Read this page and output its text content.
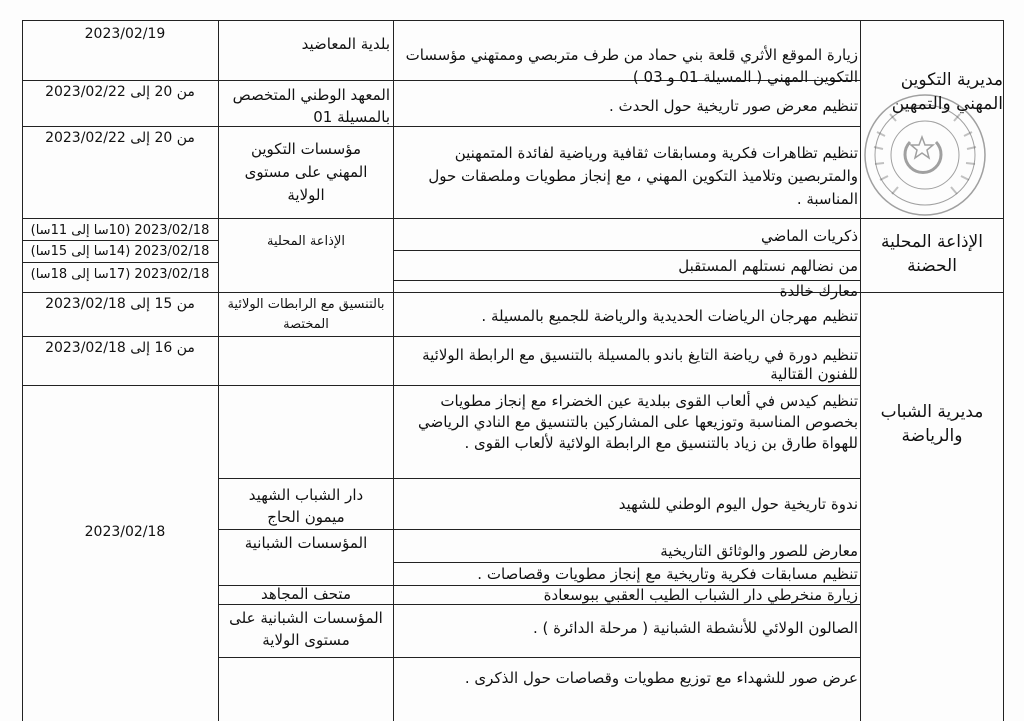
مديرية التكوين المهني والتمهين
زيارة الموقع الأثري قلعة بني حماد من طرف متربصي وممتهني مؤسسات التكوين المهني ( المسيلة 01 و 03 )
بلدية المعاضيد
2023/02/19
تنظيم معرض صور تاريخية حول الحدث .
المعهد الوطني المتخصص بالمسيلة 01
من 20 إلى 2023/02/22
تنظيم تظاهرات فكرية ومسابقات ثقافية ورياضية لفائدة المتمهنين والمتربصين وتلاميذ التكوين المهني ، مع إنجاز مطويات وملصقات حول المناسبة .
مؤسسات التكوين المهني على مستوى الولاية
من 20 إلى 2023/02/22
الإذاعة المحلية الحضنة
الإذاعة المحلية	ذكريات الماضي
2023/02/18 (10سا إلى 11سا)
من نضالهم نستلهم المستقبل
2023/02/18 (14سا إلى 15سا)
معارك خالدة
2023/02/18 (17سا إلى 18سا)
مديرية الشباب والرياضة
2023/02/18
تنظيم مهرجان الرياضات الحديدية والرياضة للجميع بالمسيلة .
بالتنسيق مع الرابطات الولائية المختصة
من 15 إلى 2023/02/18
تنظيم دورة في رياضة التايغ باندو بالمسيلة بالتنسيق مع الرابطة الولائية للفنون القتالية
من 16 إلى 2023/02/18
تنظيم كيدس في ألعاب القوى ببلدية عين الخضراء مع إنجاز مطويات بخصوص المناسبة وتوزيعها على المشاركين بالتنسيق مع النادي الرياضي للهواة طارق بن زياد بالتنسيق مع الرابطة الولائية لألعاب القوى .
ندوة تاريخية حول اليوم الوطني للشهيد
دار الشباب الشهيد ميمون الحاج
معارض للصور والوثائق التاريخية
المؤسسات الشبانية
تنظيم مسابقات فكرية وتاريخية مع إنجاز مطويات وقصاصات .
زيارة منخرطي دار الشباب الطيب العقبي ببوسعادة
متحف المجاهد
الصالون الولائي للأنشطة الشبانية ( مرحلة الدائرة ) .
المؤسسات الشبانية على مستوى الولاية
عرض صور للشهداء مع توزيع مطويات وقصاصات حول الذكرى .
